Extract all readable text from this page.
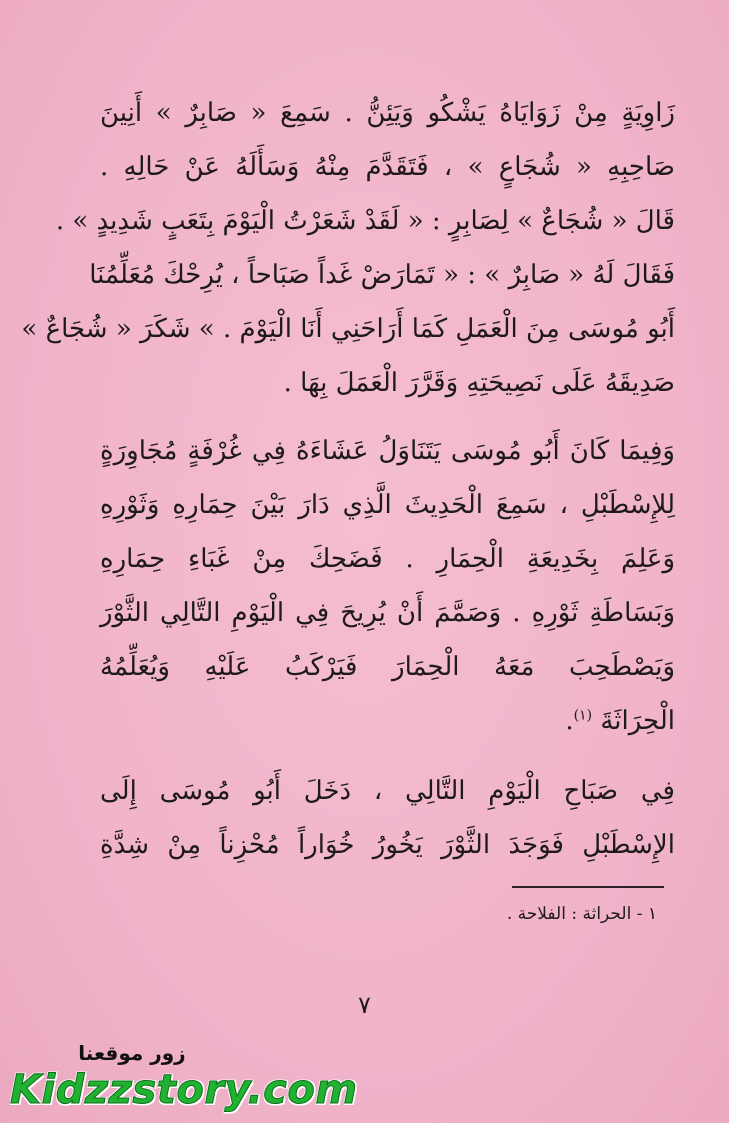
زَاوِيَةٍ مِنْ زَوَايَاهُ يَشْكُو وَيَئِنُّ . سَمِعَ « صَابِرٌ » أَنِينَ
صَاحِبِهِ « شُجَاعٍ » ، فَتَقَدَّمَ مِنْهُ وَسَأَلَهُ عَنْ حَالِهِ .
قَالَ « شُجَاعٌ » لِصَابِرٍ : « لَقَدْ شَعَرْتُ الْيَوْمَ بِتَعَبٍ شَدِيدٍ » .
فَقَالَ لَهُ « صَابِرٌ » : « تَمَارَضْ غَداً صَبَاحاً ، يُرِحْكَ مُعَلِّمُنَا
أَبُو مُوسَى مِنَ الْعَمَلِ كَمَا أَرَاحَنِي أَنَا الْيَوْمَ . » شَكَرَ « شُجَاعٌ »
صَدِيقَهُ عَلَى نَصِيحَتِهِ وَقَرَّرَ الْعَمَلَ بِهَا .
وَفِيمَا كَانَ أَبُو مُوسَى يَتَنَاوَلُ عَشَاءَهُ فِي غُرْفَةٍ مُجَاوِرَةٍ
لِلإِسْطَبْلِ ، سَمِعَ الْحَدِيثَ الَّذِي دَارَ بَيْنَ حِمَارِهِ وَثَوْرِهِ
وَعَلِمَ بِخَدِيعَةِ الْحِمَارِ . فَضَحِكَ مِنْ غَبَاءِ حِمَارِهِ
وَبَسَاطَةِ ثَوْرِهِ . وَصَمَّمَ أَنْ يُرِيحَ فِي الْيَوْمِ التَّالِي الثَّوْرَ
وَيَصْطَحِبَ مَعَهُ الْحِمَارَ فَيَرْكَبُ عَلَيْهِ وَيُعَلِّمُهُ
الْحِرَاثَةَ $^{(١)}$.
فِي صَبَاحِ الْيَوْمِ التَّالِي ، دَخَلَ أَبُو مُوسَى إِلَى
الإِسْطَبْلِ فَوَجَدَ الثَّوْرَ يَخُورُ خُوَاراً مُحْزِناً مِنْ شِدَّةِ
١ - الحراثة : الفلاحة .
٧
زور موقعنا
Kidzzstory.com
